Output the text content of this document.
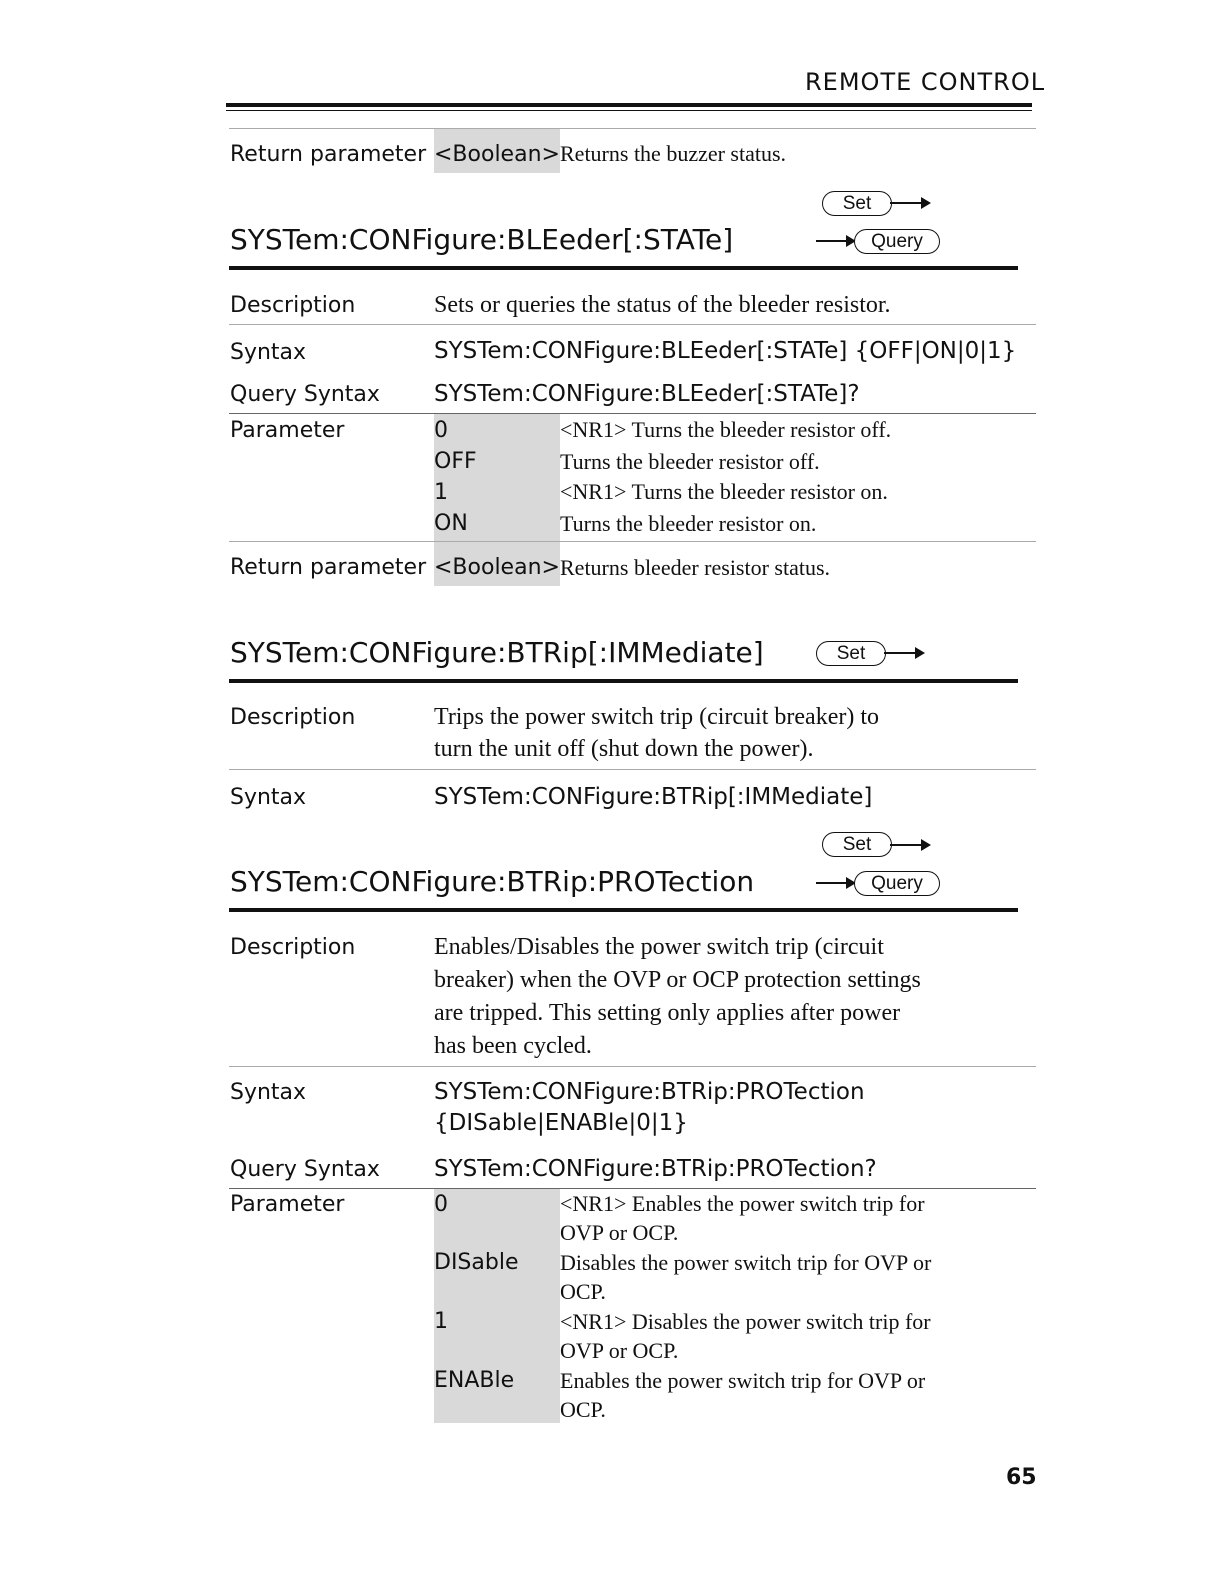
REMOTE CONTROL
Return parameter <Boolean> Returns the buzzer status.
Set
Query
SYSTem:CONFigure:BLEeder[:STATe]
Description	Sets or queries the status of the bleeder resistor.
Syntax	SYSTem:CONFigure:BLEeder[:STATe] {OFF|ON|0|1}
Query Syntax SYSTem:CONFigure:BLEeder[:STATe]?
Parameter	0	<NR1> Turns the bleeder resistor off.
OFF	Turns the bleeder resistor off.
1	<NR1> Turns the bleeder resistor on.
ON	Turns the bleeder resistor on.
Return parameter <Boolean> Returns bleeder resistor status.
Set
SYSTem:CONFigure:BTRip[:IMMediate]
Description	Trips the power switch trip (circuit breaker) to
turn the unit off (shut down the power).
Syntax	SYSTem:CONFigure:BTRip[:IMMediate]
Set
Query
SYSTem:CONFigure:BTRip:PROTection
Description	Enables/Disables the power switch trip (circuit
breaker) when the OVP or OCP protection settings
are tripped. This setting only applies after power
has been cycled.
Syntax	SYSTem:CONFigure:BTRip:PROTection
{DISable|ENABle|0|1}
Query Syntax SYSTem:CONFigure:BTRip:PROTection?
Parameter	0	<NR1> Enables the power switch trip for
OVP or OCP.
DISable Disables the power switch trip for OVP or
OCP.
1	<NR1> Disables the power switch trip for
OVP or OCP.
ENABle Enables the power switch trip for OVP or
OCP.
65
